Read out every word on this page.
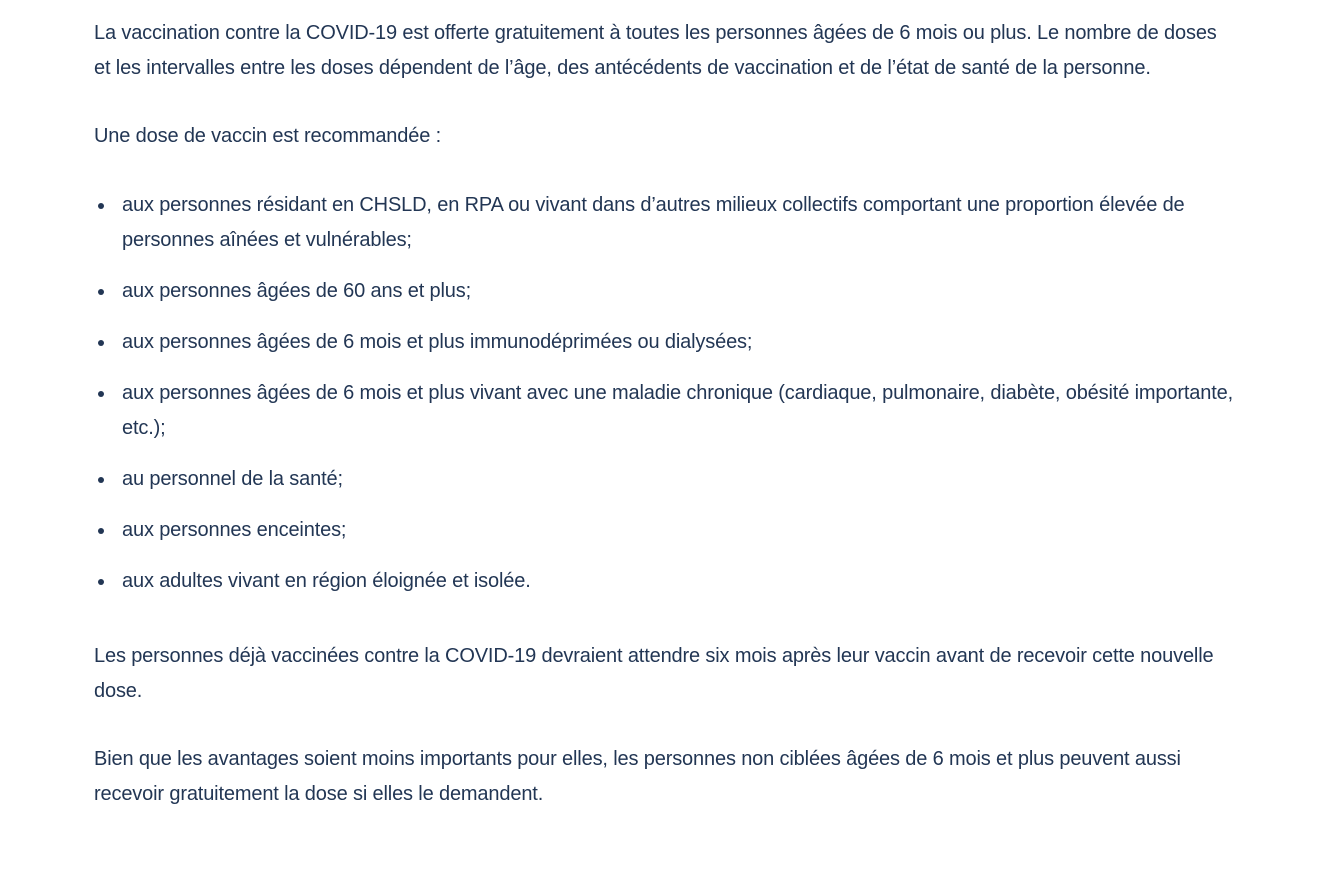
La vaccination contre la COVID-19 est offerte gratuitement à toutes les personnes âgées de 6 mois ou plus. Le nombre de doses et les intervalles entre les doses dépendent de l’âge, des antécédents de vaccination et de l’état de santé de la personne.

Une dose de vaccin est recommandée :

aux personnes résidant en CHSLD, en RPA ou vivant dans d’autres milieux collectifs comportant une proportion élevée de personnes aînées et vulnérables;
aux personnes âgées de 60 ans et plus;
aux personnes âgées de 6 mois et plus immunodéprimées ou dialysées;
aux personnes âgées de 6 mois et plus vivant avec une maladie chronique (cardiaque, pulmonaire, diabète, obésité importante, etc.);
au personnel de la santé;
aux personnes enceintes;
aux adultes vivant en région éloignée et isolée.

Les personnes déjà vaccinées contre la COVID-19 devraient attendre six mois après leur vaccin avant de recevoir cette nouvelle dose.

Bien que les avantages soient moins importants pour elles, les personnes non ciblées âgées de 6 mois et plus peuvent aussi recevoir gratuitement la dose si elles le demandent.
